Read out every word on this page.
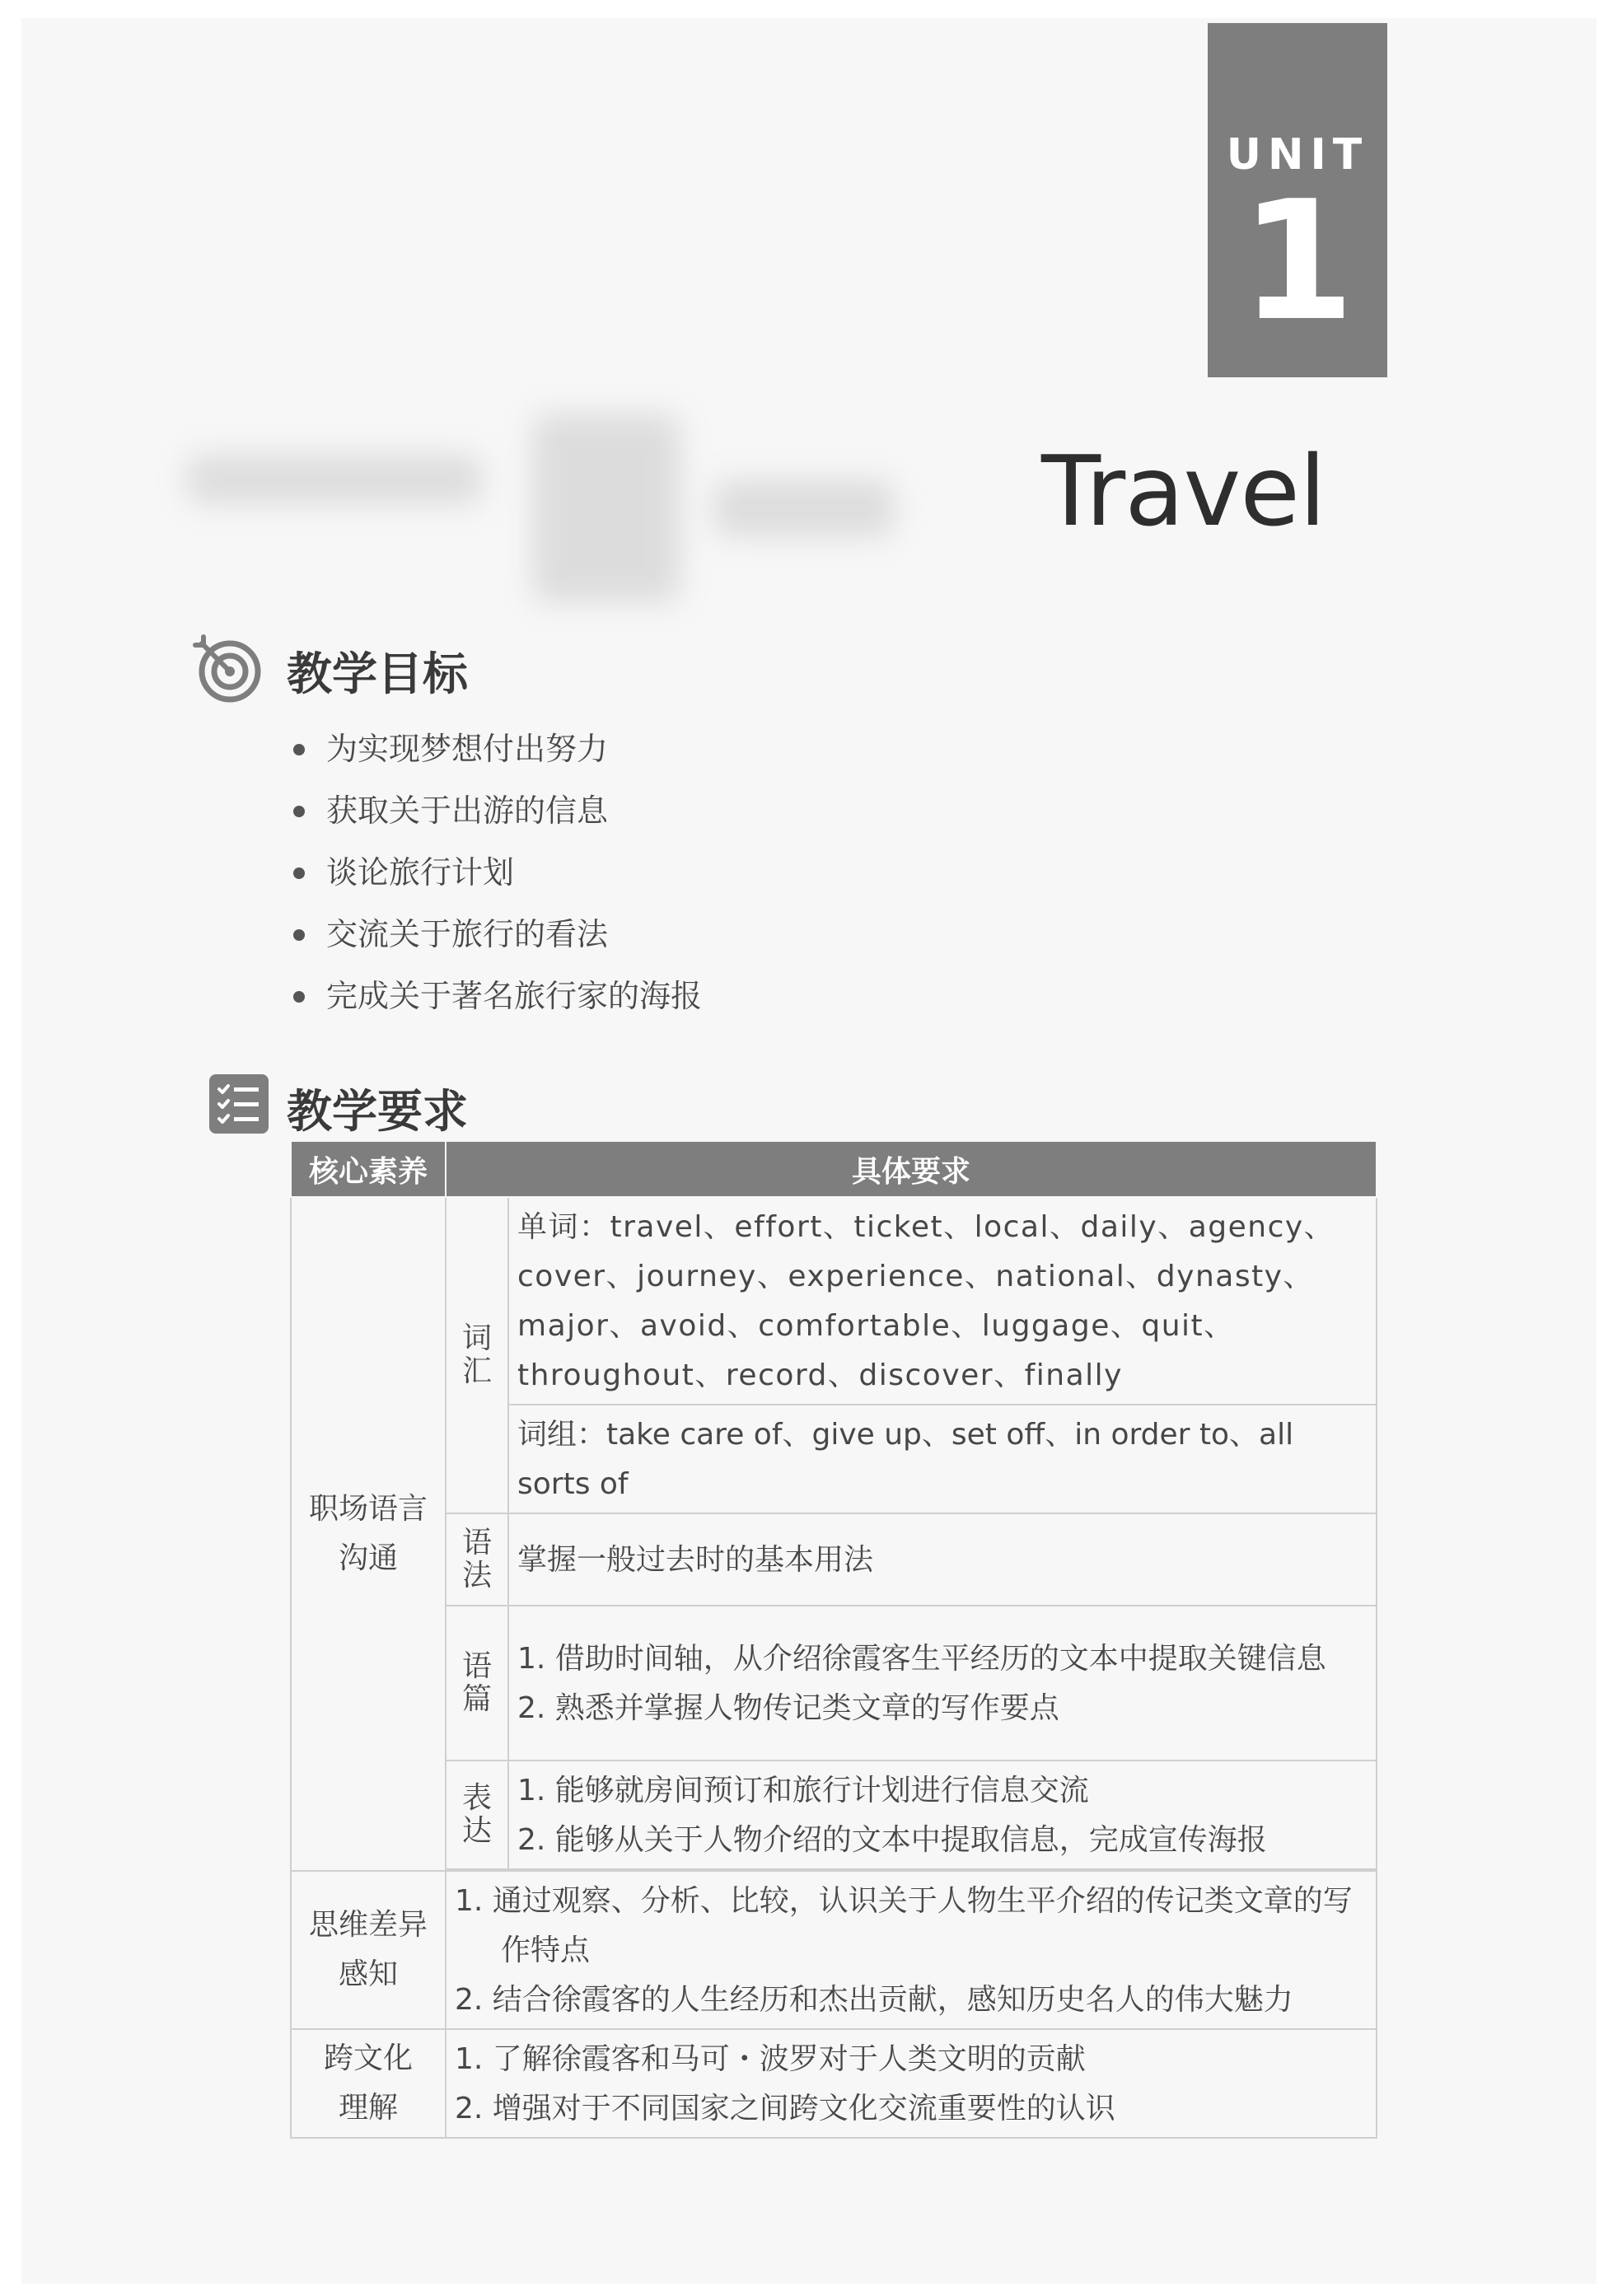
UNIT
1
Travel
教学目标
为实现梦想付出努力
获取关于出游的信息
谈论旅行计划
交流关于旅行的看法
完成关于著名旅行家的海报
教学要求
核心素养	具体要求	
职场语言沟通	词汇	单词：travel、effort、ticket、local、daily、agency、cover、journey、experience、national、dynasty、major、avoid、comfortable、luggage、quit、throughout、record、discover、finally
		词组：take care of、give up、set off、in order to、all sorts of
	语法	掌握一般过去时的基本用法
	语篇	1. 借助时间轴，从介绍徐霞客生平经历的文本中提取关键信息
2. 熟悉并掌握人物传记类文章的写作要点

	表达	1. 能够就房间预订和旅行计划进行信息交流
2. 能够从关于人物介绍的文本中提取信息，完成宣传海报

思维差异感知	1. 通过观察、分析、比较，认识关于人物生平介绍的传记类文章的写作特点
2. 结合徐霞客的人生经历和杰出贡献，感知历史名人的伟大魅力	

跨文化理解	1. 了解徐霞客和马可・波罗对于人类文明的贡献
2. 增强对于不同国家之间跨文化交流重要性的认识	
